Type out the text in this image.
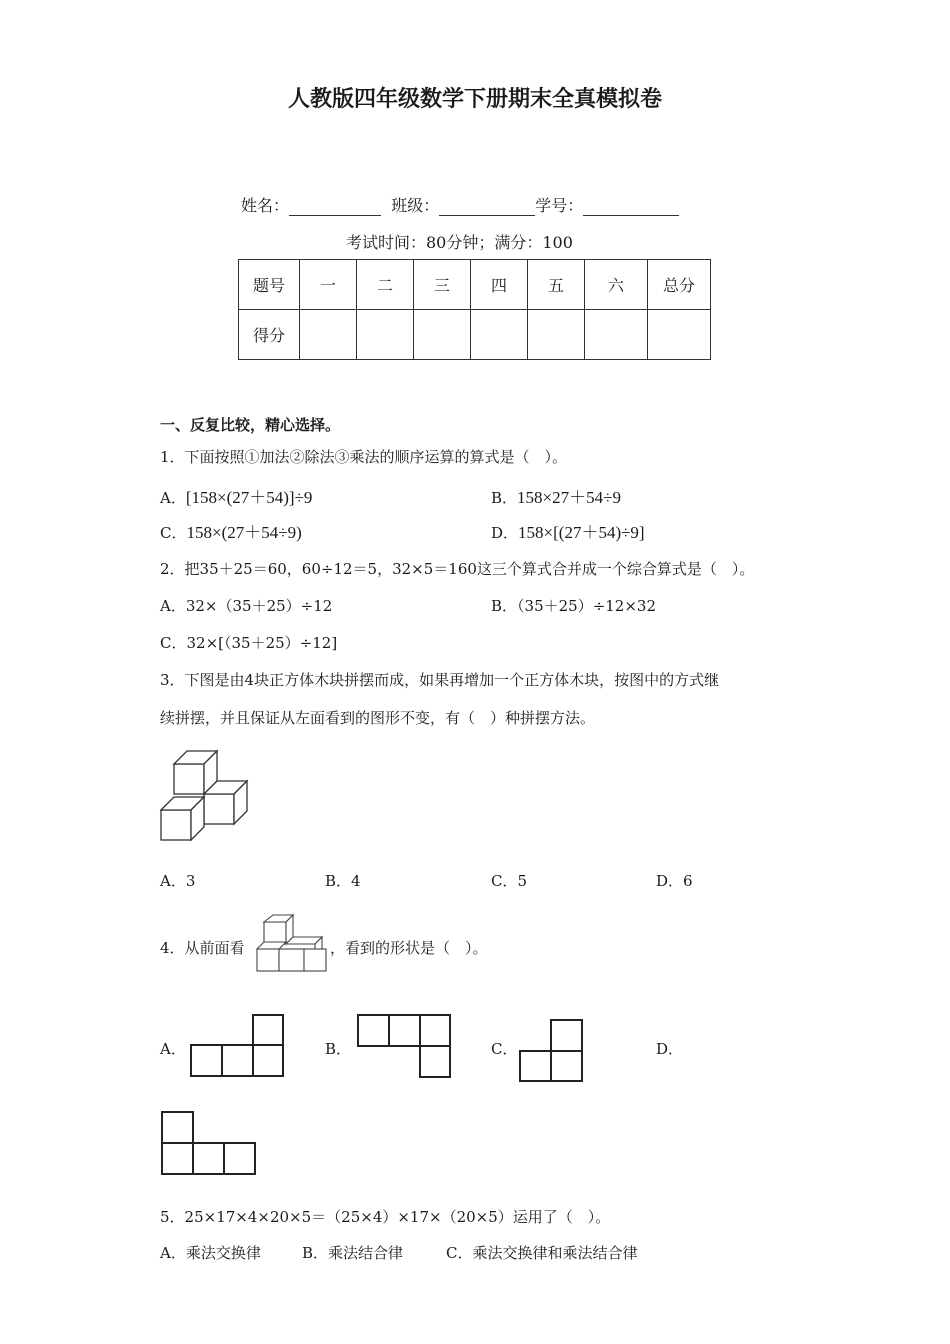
人教版四年级数学下册期末全真模拟卷
姓名：	班级：	学号：
考试时间：80分钟；满分：100
题号	一	二	三	四	五	六	总分
得分							
一、反复比较，精心选择。
1．下面按照①加法②除法③乘法的顺序运算的算式是（　）。
A．[158×(27＋54)]÷9	B．158×27＋54÷9
C．158×(27＋54÷9)	D．158×[(27＋54)÷9]
2．把35＋25＝60，60÷12＝5，32×5＝160这三个算式合并成一个综合算式是（　）。
A．32×（35＋25）÷12	B．（35＋25）÷12×32
C．32×[（35＋25）÷12]
3．下图是由4块正方体木块拼摆而成，如果再增加一个正方体木块，按图中的方式继
续拼摆，并且保证从左面看到的图形不变，有（　）种拼摆方法。
A．3	B．4	C．5	D．6
4．从前面看	，看到的形状是（　）。
A．	B．	C．	D．
5．25×17×4×20×5＝（25×4）×17×（20×5）运用了（　）。
A．乘法交换律	B．乘法结合律	C．乘法交换律和乘法结合律
